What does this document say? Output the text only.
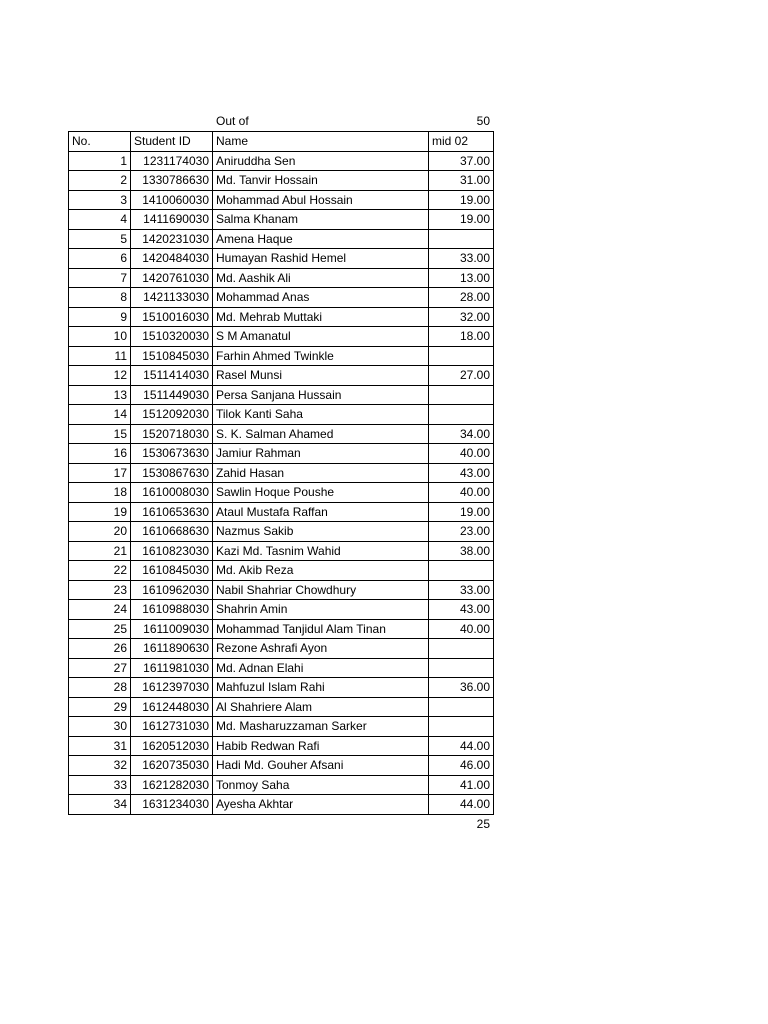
Out of	50
No.	Student ID	Name	mid 02
1	1231174030	Aniruddha Sen	37.00
2	1330786630	Md. Tanvir Hossain	31.00
3	1410060030	Mohammad Abul Hossain	19.00
4	1411690030	Salma Khanam	19.00
5	1420231030	Amena Haque	
6	1420484030	Humayan Rashid Hemel	33.00
7	1420761030	Md. Aashik Ali	13.00
8	1421133030	Mohammad Anas	28.00
9	1510016030	Md. Mehrab Muttaki	32.00
10	1510320030	S M Amanatul	18.00
11	1510845030	Farhin Ahmed Twinkle	
12	1511414030	Rasel Munsi	27.00
13	1511449030	Persa Sanjana Hussain	
14	1512092030	Tilok Kanti Saha	
15	1520718030	S. K. Salman Ahamed	34.00
16	1530673630	Jamiur Rahman	40.00
17	1530867630	Zahid Hasan	43.00
18	1610008030	Sawlin Hoque Poushe	40.00
19	1610653630	Ataul Mustafa Raffan	19.00
20	1610668630	Nazmus Sakib	23.00
21	1610823030	Kazi Md. Tasnim Wahid	38.00
22	1610845030	Md. Akib Reza	
23	1610962030	Nabil Shahriar Chowdhury	33.00
24	1610988030	Shahrin Amin	43.00
25	1611009030	Mohammad Tanjidul Alam Tinan	40.00
26	1611890630	Rezone Ashrafi Ayon	
27	1611981030	Md. Adnan Elahi	
28	1612397030	Mahfuzul Islam Rahi	36.00
29	1612448030	Al Shahriere Alam	
30	1612731030	Md. Masharuzzaman Sarker	
31	1620512030	Habib Redwan Rafi	44.00
32	1620735030	Hadi Md. Gouher Afsani	46.00
33	1621282030	Tonmoy Saha	41.00
34	1631234030	Ayesha Akhtar	44.00
25
